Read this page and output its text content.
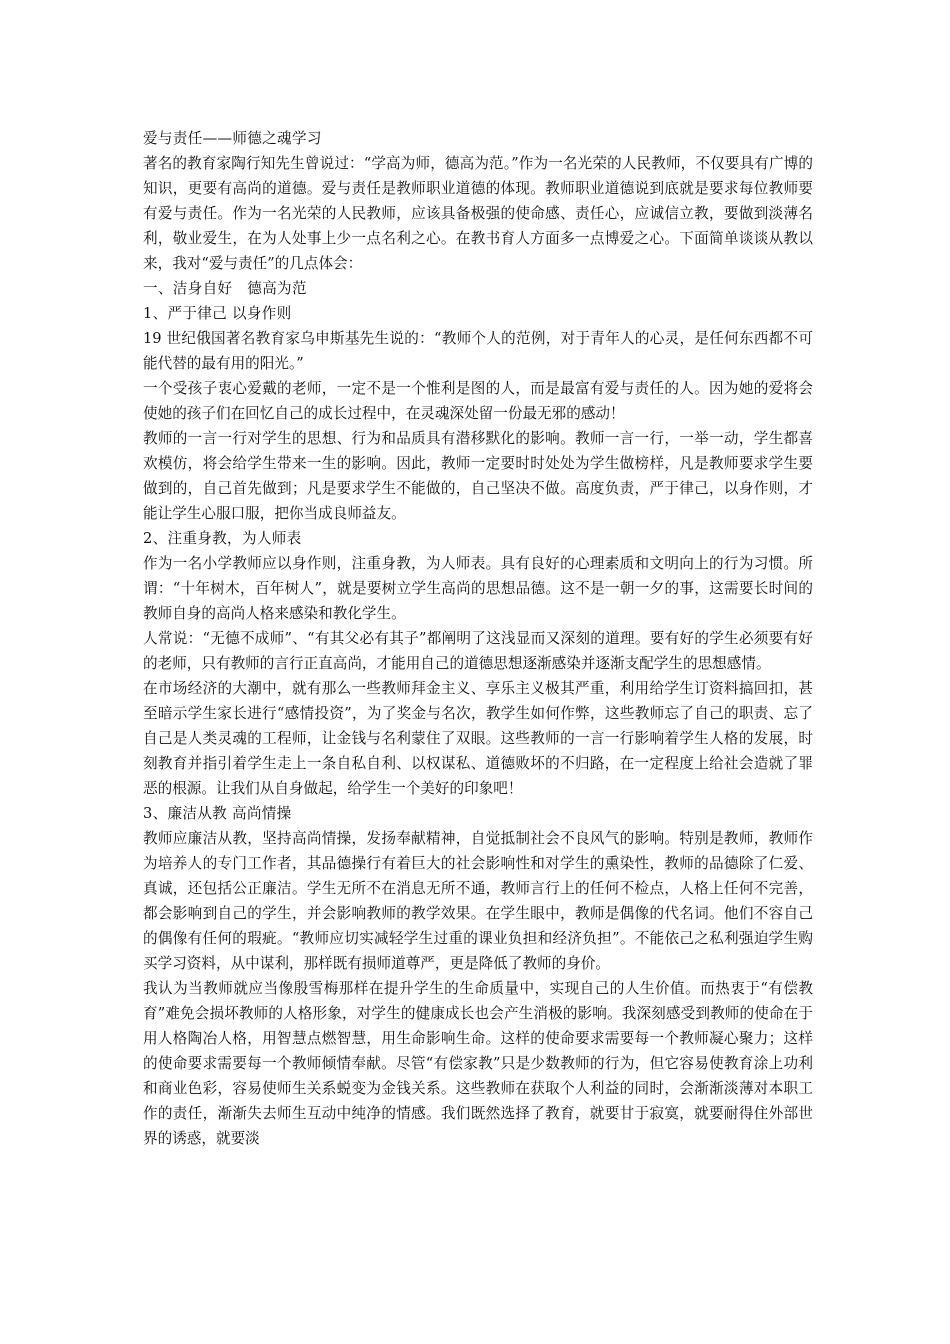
爱与责任——师德之魂学习

著名的教育家陶行知先生曾说过：“学高为师，德高为范。”作为一名光荣的人民教师，不仅要具有广博的知识，更要有高尚的道德。爱与责任是教师职业道德的体现。教师职业道德说到底就是要求每位教师要有爱与责任。作为一名光荣的人民教师，应该具备极强的使命感、责任心，应诚信立教，要做到淡薄名利，敬业爱生，在为人处事上少一点名利之心。在教书育人方面多一点博爱之心。下面简单谈谈从教以来，我对“爱与责任”的几点体会：

一、洁身自好　德高为范

1、严于律己 以身作则

19 世纪俄国著名教育家乌申斯基先生说的：“教师个人的范例，对于青年人的心灵，是任何东西都不可能代替的最有用的阳光。”

一个受孩子衷心爱戴的老师，一定不是一个惟利是图的人，而是最富有爱与责任的人。因为她的爱将会使她的孩子们在回忆自己的成长过程中，在灵魂深处留一份最无邪的感动！

教师的一言一行对学生的思想、行为和品质具有潜移默化的影响。教师一言一行，一举一动，学生都喜欢模仿，将会给学生带来一生的影响。因此，教师一定要时时处处为学生做榜样，凡是教师要求学生要做到的，自己首先做到；凡是要求学生不能做的，自己坚决不做。高度负责，严于律己，以身作则，才能让学生心服口服，把你当成良师益友。

2、注重身教，为人师表

作为一名小学教师应以身作则，注重身教，为人师表。具有良好的心理素质和文明向上的行为习惯。所谓：“十年树木，百年树人”，就是要树立学生高尚的思想品德。这不是一朝一夕的事，这需要长时间的教师自身的高尚人格来感染和教化学生。

人常说：“无德不成师”、“有其父必有其子”都阐明了这浅显而又深刻的道理。要有好的学生必须要有好的老师，只有教师的言行正直高尚，才能用自己的道德思想逐渐感染并逐渐支配学生的思想感情。

在市场经济的大潮中，就有那么一些教师拜金主义、享乐主义极其严重，利用给学生订资料搞回扣，甚至暗示学生家长进行“感情投资”，为了奖金与名次，教学生如何作弊，这些教师忘了自己的职责、忘了自己是人类灵魂的工程师，让金钱与名利蒙住了双眼。这些教师的一言一行影响着学生人格的发展，时刻教育并指引着学生走上一条自私自利、以权谋私、道德败坏的不归路，在一定程度上给社会造就了罪恶的根源。让我们从自身做起，给学生一个美好的印象吧！

3、廉洁从教 高尚情操

教师应廉洁从教，坚持高尚情操，发扬奉献精神，自觉抵制社会不良风气的影响。特别是教师，教师作为培养人的专门工作者，其品德操行有着巨大的社会影响性和对学生的熏染性，教师的品德除了仁爱、真诚，还包括公正廉洁。学生无所不在消息无所不通，教师言行上的任何不检点，人格上任何不完善，都会影响到自己的学生，并会影响教师的教学效果。在学生眼中，教师是偶像的代名词。他们不容自己的偶像有任何的瑕疵。“教师应切实减轻学生过重的课业负担和经济负担”。不能依己之私利强迫学生购买学习资料，从中谋利，那样既有损师道尊严，更是降低了教师的身价。

我认为当教师就应当像殷雪梅那样在提升学生的生命质量中，实现自己的人生价值。而热衷于“有偿教育”难免会损坏教师的人格形象，对学生的健康成长也会产生消极的影响。我深刻感受到教师的使命在于用人格陶冶人格，用智慧点燃智慧，用生命影响生命。这样的使命要求需要每一个教师凝心聚力；这样的使命要求需要每一个教师倾情奉献。尽管“有偿家教”只是少数教师的行为，但它容易使教育涂上功利和商业色彩，容易使师生关系蜕变为金钱关系。这些教师在获取个人利益的同时，会渐渐淡薄对本职工作的责任，渐渐失去师生互动中纯净的情感。我们既然选择了教育，就要甘于寂寞，就要耐得住外部世界的诱惑，就要淡
